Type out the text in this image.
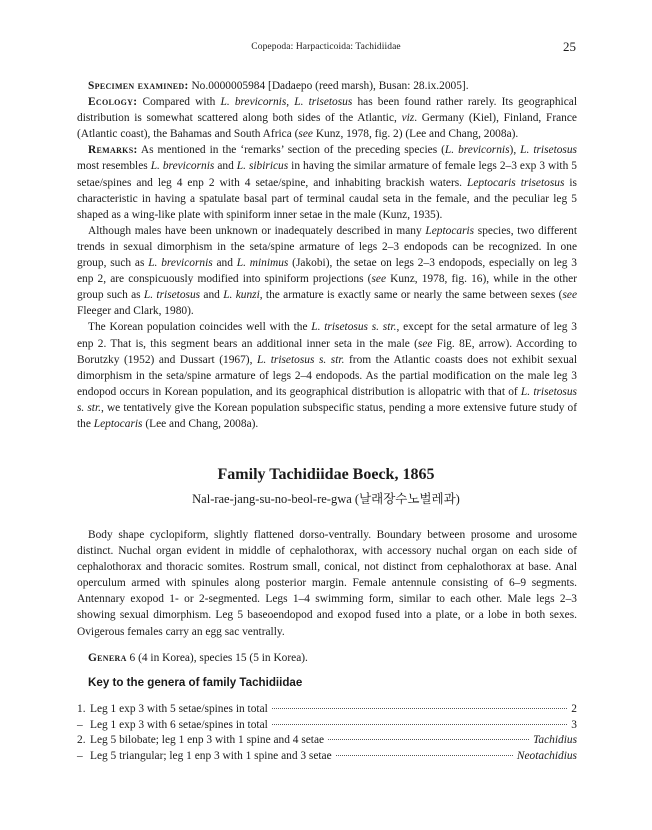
Copepoda: Harpacticoida: Tachidiidae	25

Specimen examined: No.0000005984 [Dadaepo (reed marsh), Busan: 28.ix.2005].

Ecology: Compared with L. brevicornis, L. trisetosus has been found rather rarely. Its geographical distribution is somewhat scattered along both sides of the Atlantic, viz. Germany (Kiel), Finland, France (Atlantic coast), the Bahamas and South Africa (see Kunz, 1978, fig. 2) (Lee and Chang, 2008a).

Remarks: As mentioned in the ‘remarks’ section of the preceding species (L. brevicornis), L. trisetosus most resembles L. brevicornis and L. sibiricus in having the similar armature of female legs 2–3 exp 3 with 5 setae/spines and leg 4 enp 2 with 4 setae/spine, and inhabiting brackish waters. Leptocaris trisetosus is characteristic in having a spatulate basal part of terminal caudal seta in the female, and the peculiar leg 5 shaped as a wing-like plate with spiniform inner setae in the male (Kunz, 1935).

Although males have been unknown or inadequately described in many Leptocaris species, two different trends in sexual dimorphism in the seta/spine armature of legs 2–3 endopods can be recognized. In one group, such as L. brevicornis and L. minimus (Jakobi), the setae on legs 2–3 endopods, especially on leg 3 enp 2, are conspicuously modified into spiniform projections (see Kunz, 1978, fig. 16), while in the other group such as L. trisetosus and L. kunzi, the armature is exactly same or nearly the same between sexes (see Fleeger and Clark, 1980).

The Korean population coincides well with the L. trisetosus s. str., except for the setal armature of leg 3 enp 2. That is, this segment bears an additional inner seta in the male (see Fig. 8E, arrow). According to Borutzky (1952) and Dussart (1967), L. trisetosus s. str. from the Atlantic coasts does not exhibit sexual dimorphism in the seta/spine armature of legs 2–4 endopods. As the partial modification on the male leg 3 endopod occurs in Korean population, and its geographical distribution is allopatric with that of L. trisetosus s. str., we tentatively give the Korean population subspecific status, pending a more extensive future study of the Leptocaris (Lee and Chang, 2008a).

Family Tachidiidae Boeck, 1865
Nal-rae-jang-su-no-beol-re-gwa (날래장수노벌레과)

Body shape cyclopiform, slightly flattened dorso-ventrally. Boundary between prosome and urosome distinct. Nuchal organ evident in middle of cephalothorax, with accessory nuchal organ on each side of cephalothorax and thoracic somites. Rostrum small, conical, not distinct from cephalothorax at base. Anal operculum armed with spinules along posterior margin. Female antennule consisting of 6–9 segments. Antennary exopod 1- or 2-segmented. Legs 1–4 swimming form, similar to each other. Male legs 2–3 showing sexual dimorphism. Leg 5 baseoendopod and exopod fused into a plate, or a lobe in both sexes. Ovigerous females carry an egg sac ventrally.

Genera 6 (4 in Korea), species 15 (5 in Korea).

Key to the genera of family Tachidiidae
1. Leg 1 exp 3 with 5 setae/spines in total	2
– Leg 1 exp 3 with 6 setae/spines in total	3
2. Leg 5 bilobate; leg 1 enp 3 with 1 spine and 4 setae	Tachidius
– Leg 5 triangular; leg 1 enp 3 with 1 spine and 3 setae	Neotachidius
